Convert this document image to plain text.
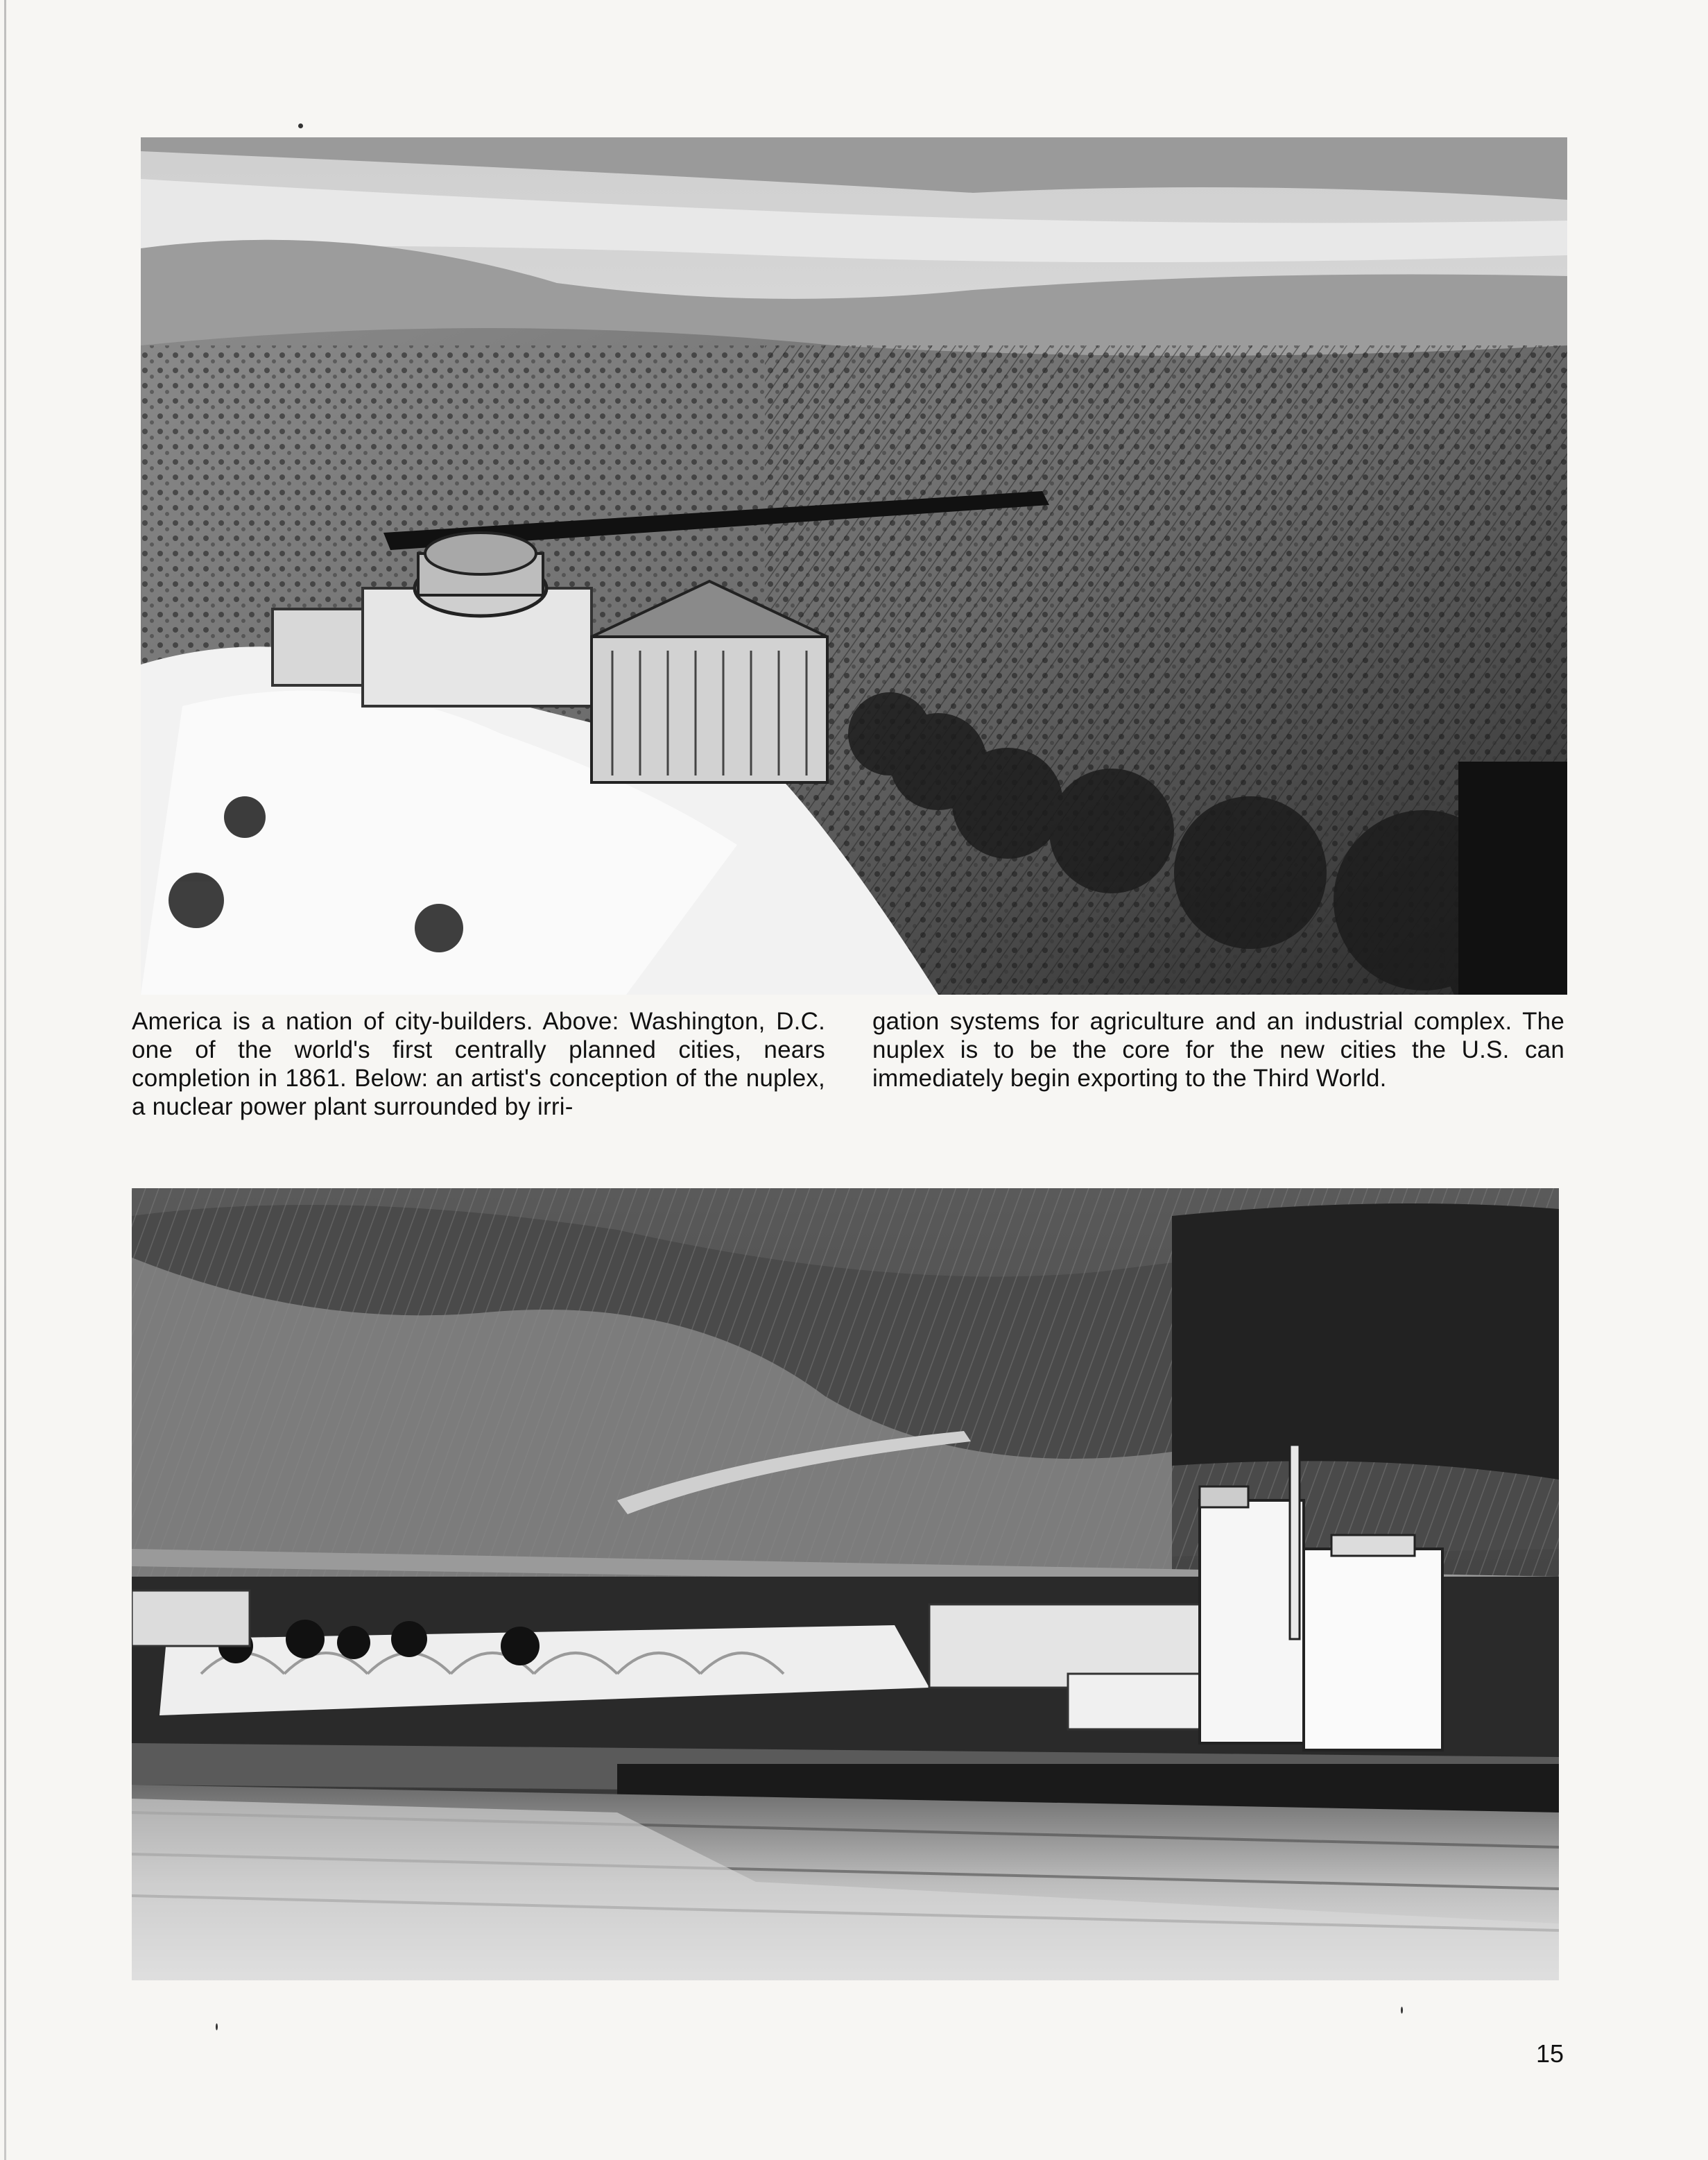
America is a nation of city-builders. Above: Washington, D.C. one of the world's first centrally planned cities, nears completion in 1861. Below: an artist's conception of the nuplex, a nuclear power plant surrounded by irri-

gation systems for agriculture and an industrial complex. The nuplex is to be the core for the new cities the U.S. can immediately begin exporting to the Third World.

15
